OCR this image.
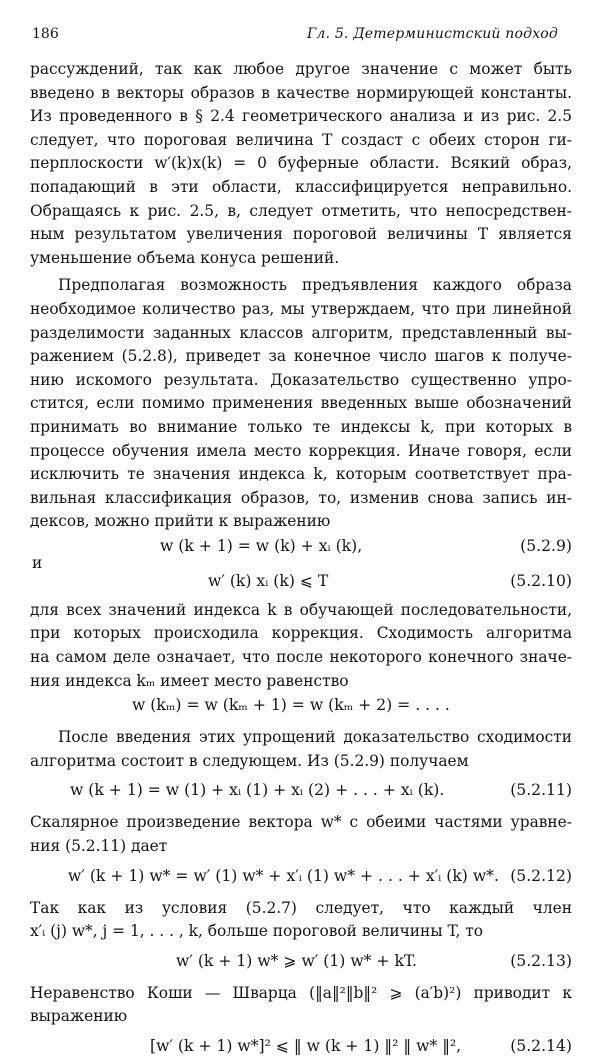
186	Гл. 5. Детерминистский подход
рассуждений, так как любое другое значение c может быть
введено в векторы образов в качестве нормирующей константы.
Из проведенного в § 2.4 геометрического анализа и из рис. 2.5
следует, что пороговая величина T создаст с обеих сторон ги-
перплоскости w′(k)x(k) = 0 буферные области. Всякий образ,
попадающий в эти области, классифицируется неправильно.
Обращаясь к рис. 2.5, в, следует отметить, что непосредствен-
ным результатом увеличения пороговой величины T является
уменьшение объема конуса решений.
Предполагая возможность предъявления каждого образа
необходимое количество раз, мы утверждаем, что при линейной
разделимости заданных классов алгоритм, представленный вы-
ражением (5.2.8), приведет за конечное число шагов к получе-
нию искомого результата. Доказательство существенно упро-
стится, если помимо применения введенных выше обозначений
принимать во внимание только те индексы k, при которых в
процессе обучения имела место коррекция. Иначе говоря, если
исключить те значения индекса k, которым соответствует пра-
вильная классификация образов, то, изменив снова запись ин-
дексов, можно прийти к выражению
w (k + 1) = w (k) + xᵢ (k),	(5.2.9)
и
w′ (k) xᵢ (k) ⩽ T	(5.2.10)
для всех значений индекса k в обучающей последовательности,
при которых происходила коррекция. Сходимость алгоритма
на самом деле означает, что после некоторого конечного значе-
ния индекса kₘ имеет место равенство
w (kₘ) = w (kₘ + 1) = w (kₘ + 2) = . . . .
После введения этих упрощений доказательство сходимости
алгоритма состоит в следующем. Из (5.2.9) получаем
w (k + 1) = w (1) + xᵢ (1) + xᵢ (2) + . . . + xᵢ (k).	(5.2.11)
Скалярное произведение вектора w* с обеими частями уравне-
ния (5.2.11) дает
w′ (k + 1) w* = w′ (1) w* + x′ᵢ (1) w* + . . . + x′ᵢ (k) w*. (5.2.12)
Так как из условия (5.2.7) следует, что каждый член
x′ᵢ (j) w*, j = 1, . . . , k, больше пороговой величины T, то
w′ (k + 1) w* ⩾ w′ (1) w* + kT.	(5.2.13)
Неравенство Коши — Шварца (‖a‖²‖b‖² ⩾ (a′b)²) приводит к
выражению
[w′ (k + 1) w*]² ⩽ ‖ w (k + 1) ‖² ‖ w* ‖²,	(5.2.14)
